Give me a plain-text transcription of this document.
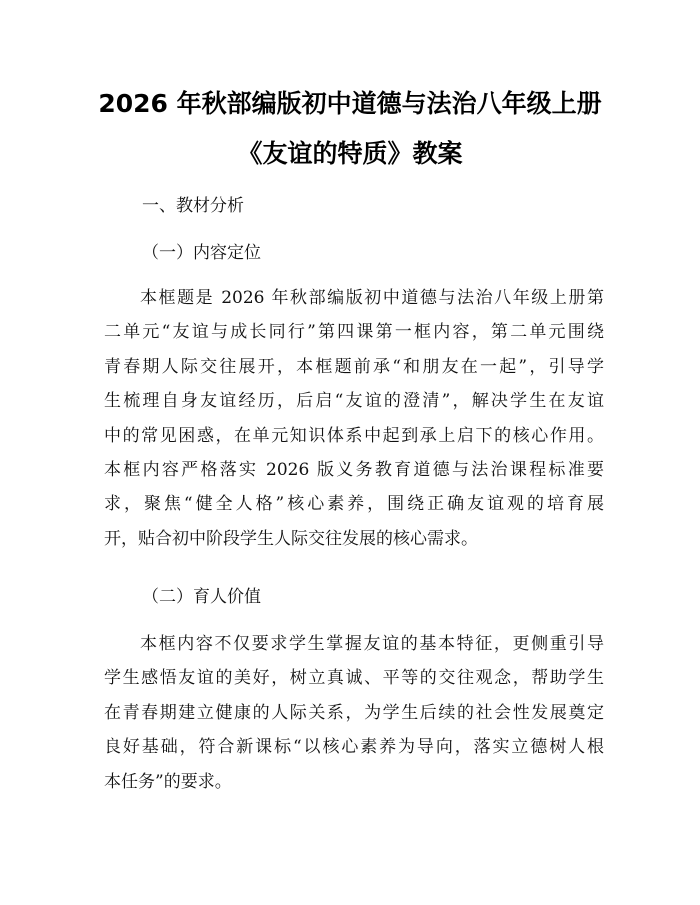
2026 年秋部编版初中道德与法治八年级上册
《友谊的特质》教案
一、教材分析
（一）内容定位
本框题是 2026 年秋部编版初中道德与法治八年级上册第
二单元“友谊与成长同行”第四课第一框内容，第二单元围绕
青春期人际交往展开，本框题前承“和朋友在一起”，引导学
生梳理自身友谊经历，后启“友谊的澄清”，解决学生在友谊
中的常见困惑，在单元知识体系中起到承上启下的核心作用。
本框内容严格落实 2026 版义务教育道德与法治课程标准要
求，聚焦“健全人格”核心素养，围绕正确友谊观的培育展
开，贴合初中阶段学生人际交往发展的核心需求。
（二）育人价值
本框内容不仅要求学生掌握友谊的基本特征，更侧重引导
学生感悟友谊的美好，树立真诚、平等的交往观念，帮助学生
在青春期建立健康的人际关系，为学生后续的社会性发展奠定
良好基础，符合新课标“以核心素养为导向，落实立德树人根
本任务”的要求。
